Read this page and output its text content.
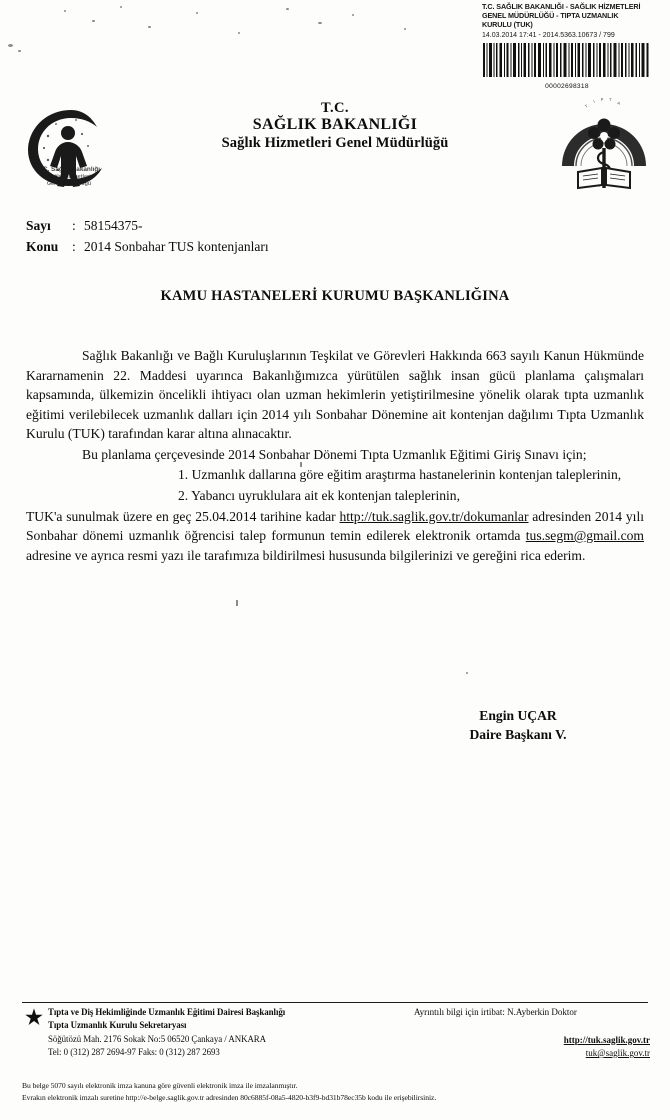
T.C. SAĞLIK BAKANLIĞI - SAĞLIK HİZMETLERİ
GENEL MÜDÜRLÜĞÜ - TIPTA UZMANLIK
KURULU (TUK)
14.03.2014 17:41 - 2014.5363.10673 / 799
00002698318
T.C. Sağlık Bakanlığı
Sağlık Hizmetleri
Genel Müdürlüğü
T
I P T
A
T.C.
SAĞLIK BAKANLIĞI
Sağlık Hizmetleri Genel Müdürlüğü
Sayı	: 58154375-
Konu	: 2014 Sonbahar TUS kontenjanları
KAMU HASTANELERİ KURUMU BAŞKANLIĞINA

Sağlık Bakanlığı ve Bağlı Kuruluşlarının Teşkilat ve Görevleri Hakkında 663 sayılı Kanun Hükmünde Kararnamenin 22. Maddesi uyarınca Bakanlığımızca yürütülen sağlık insan gücü planlama çalışmaları kapsamında, ülkemizin öncelikli ihtiyacı olan uzman hekimlerin yetiştirilmesine yönelik olarak tıpta uzmanlık eğitimi verilebilecek uzmanlık dalları için 2014 yılı Sonbahar Dönemine ait kontenjan dağılımı Tıpta Uzmanlık Kurulu (TUK) tarafından karar altına alınacaktır.

Bu planlama çerçevesinde 2014 Sonbahar Dönemi Tıpta Uzmanlık Eğitimi Giriş Sınavı için;

1. Uzmanlık dallarına göre eğitim araştırma hastanelerinin kontenjan taleplerinin,

2. Yabancı uyruklulara ait ek kontenjan taleplerinin,

TUK'a sunulmak üzere en geç 25.04.2014 tarihine kadar http://tuk.saglik.gov.tr/dokumanlar adresinden 2014 yılı Sonbahar dönemi uzmanlık öğrencisi talep formunun temin edilerek elektronik ortamda tus.segm@gmail.com adresine ve ayrıca resmi yazı ile tarafımıza bildirilmesi hususunda bilgilerinizi ve gereğini rica ederim.

Engin UÇAR
Daire Başkanı V.
Tıpta ve Diş Hekimliğinde Uzmanlık Eğitimi Dairesi Başkanlığı
Tıpta Uzmanlık Kurulu Sekretaryası
Söğütözü Mah. 2176 Sokak No:5 06520 Çankaya / ANKARA
Tel: 0 (312) 287 2694-97 Faks: 0 (312) 287 2693
Ayrıntılı bilgi için irtibat: N.Ayberkin Doktor
http://tuk.saglik.gov.tr
tuk@saglik.gov.tr
Bu belge 5070 sayılı elektronik imza kanuna göre güvenli elektronik imza ile imzalanmıştır.
Evrakın elektronik imzalı suretine http://e-belge.saglik.gov.tr adresinden 80c6885f-08a5-4820-b3f9-bd31b78ec35b kodu ile erişebilirsiniz.
